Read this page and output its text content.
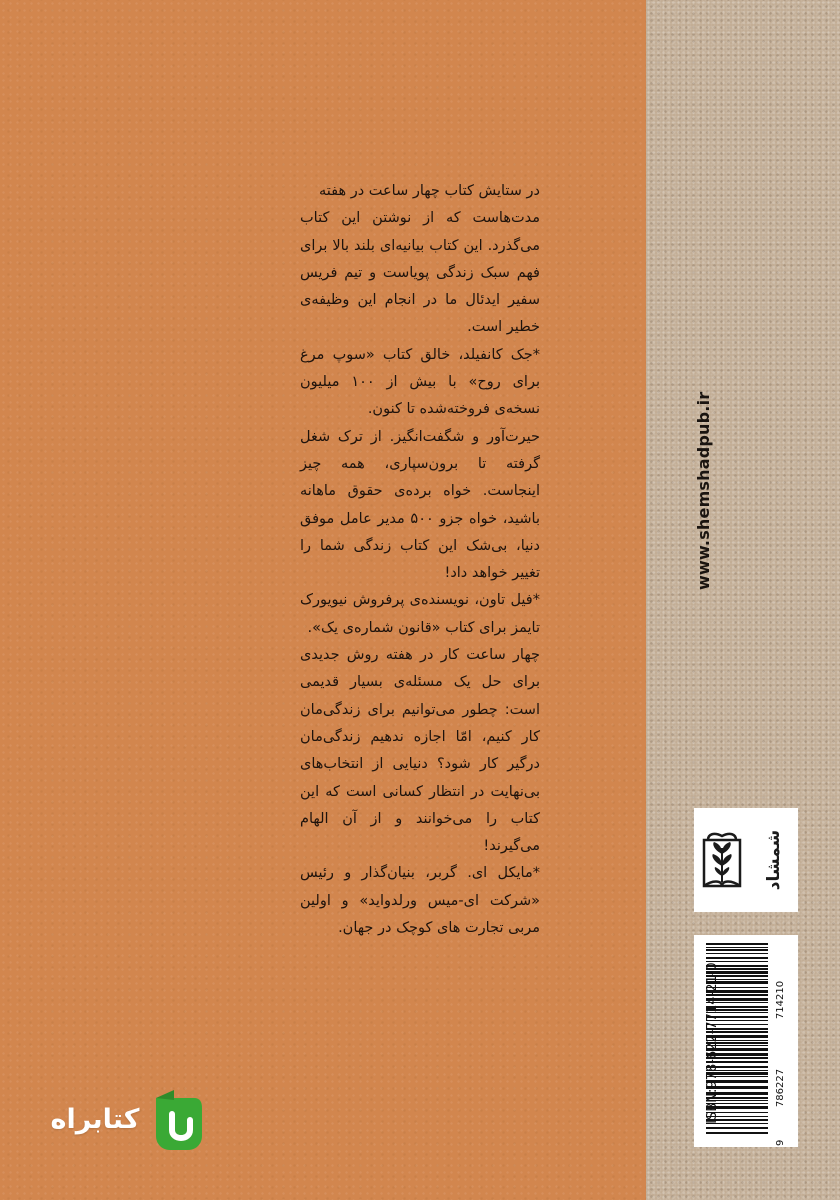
در ستایش کتاب چهار ساعت در هفته

مدت‌هاست که از نوشتن این کتاب می‌گذرد. این کتاب بیانیه‌ای بلند بالا برای فهم سبک زندگی پویاست و تیم فریس سفیر ایدئال ما در انجام این وظیفه‌ی خطیر است.

*جک کانفیلد، خالق کتاب «سوپ مرغ برای روح» با بیش از ۱۰۰ میلیون نسخه‌ی فروخته‌شده تا کنون.

حیرت‌آور و شگفت‌انگیز. از ترک شغل گرفته تا برون‌سپاری، همه چیز اینجاست. خواه برده‌ی حقوق ماهانه باشید، خواه جزو ۵۰۰ مدیر عامل موفق دنیا، بی‌شک این کتاب زندگی شما را تغییر خواهد داد!

*فیل تاون، نویسنده‌ی پرفروش نیویورک تایمز برای کتاب «قانون شماره‌ی یک».

چهار ساعت کار در هفته روش جدیدی برای حل یک مسئله‌ی بسیار قدیمی است: چطور می‌توانیم برای زندگی‌مان کار کنیم، امّا اجازه ندهیم زندگی‌مان درگیر کار شود؟ دنیایی از انتخاب‌های بی‌نهایت در انتظار کسانی است که این کتاب را می‌خوانند و از آن الهام می‌گیرند!

*مایکل ای. گربر، بنیان‌گذار و رئیس «شرکت ای-میس ورلدواید» و اولین مربی تجارت های کوچک در جهان.

www.shemshadpub.ir
شمشاد
ISBN:978-622-7714-21-0
9786227714210
کتابراه
